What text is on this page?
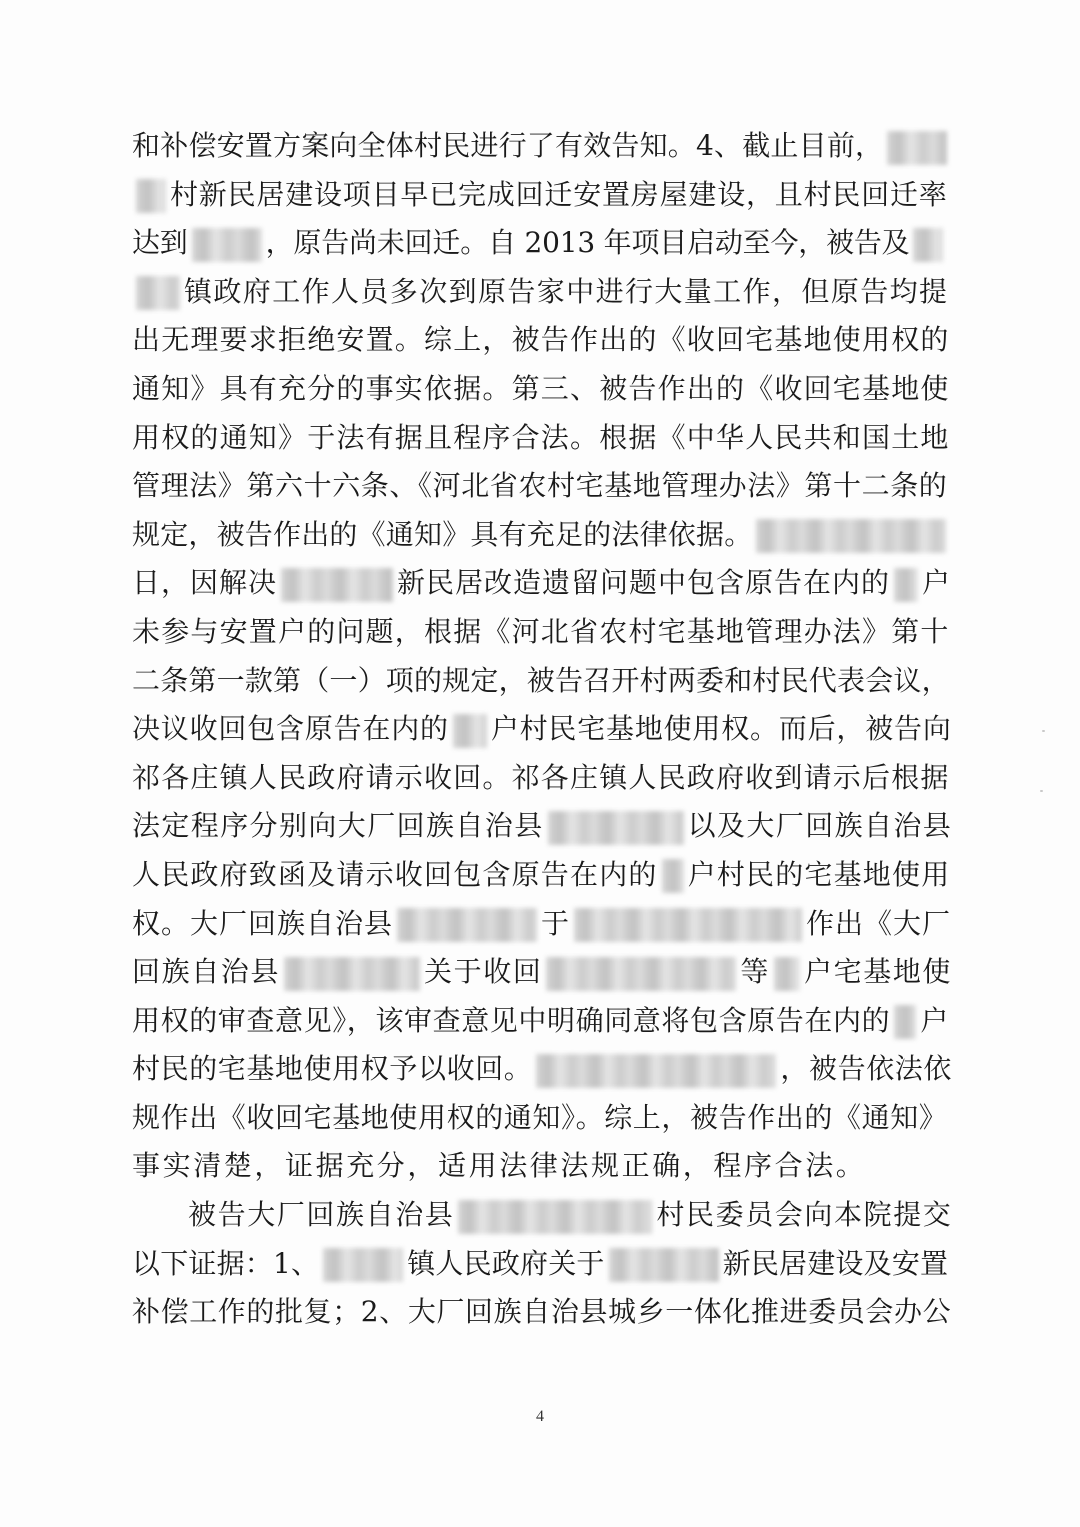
和补偿安置方案向全体村民进行了有效告知。4、截止目前，
村新民居建设项目早已完成回迁安置房屋建设，且村民回迁率
达到	，原告尚未回迁。自 2013 年项目启动至今，被告及
镇政府工作人员多次到原告家中进行大量工作，但原告均提
出无理要求拒绝安置。综上，被告作出的《收回宅基地使用权的
通知》具有充分的事实依据。第三、被告作出的《收回宅基地使
用权的通知》于法有据且程序合法。根据《中华人民共和国土地
管理法》第六十六条、《河北省农村宅基地管理办法》第十二条的
规定，被告作出的《通知》具有充足的法律依据。
日，因解决	新民居改造遗留问题中包含原告在内的 户
未参与安置户的问题，根据《河北省农村宅基地管理办法》第十
二条第一款第（一）项的规定，被告召开村两委和村民代表会议，
决议收回包含原告在内的 户村民宅基地使用权。而后，被告向
祁各庄镇人民政府请示收回。祁各庄镇人民政府收到请示后根据
法定程序分别向大厂回族自治县	以及大厂回族自治县
人民政府致函及请示收回包含原告在内的 户村民的宅基地使用
权。大厂回族自治县	于	作出《大厂
回族自治县	关于收回	等 户宅基地使
用权的审查意见》，该审查意见中明确同意将包含原告在内的 户
村民的宅基地使用权予以收回。	，被告依法依
规作出《收回宅基地使用权的通知》。综上，被告作出的《通知》
事实清楚，证据充分，适用法律法规正确，程序合法。
被告大厂回族自治县	村民委员会向本院提交
以下证据：1、	镇人民政府关于	新民居建设及安置
补偿工作的批复；2、大厂回族自治县城乡一体化推进委员会办公
4
